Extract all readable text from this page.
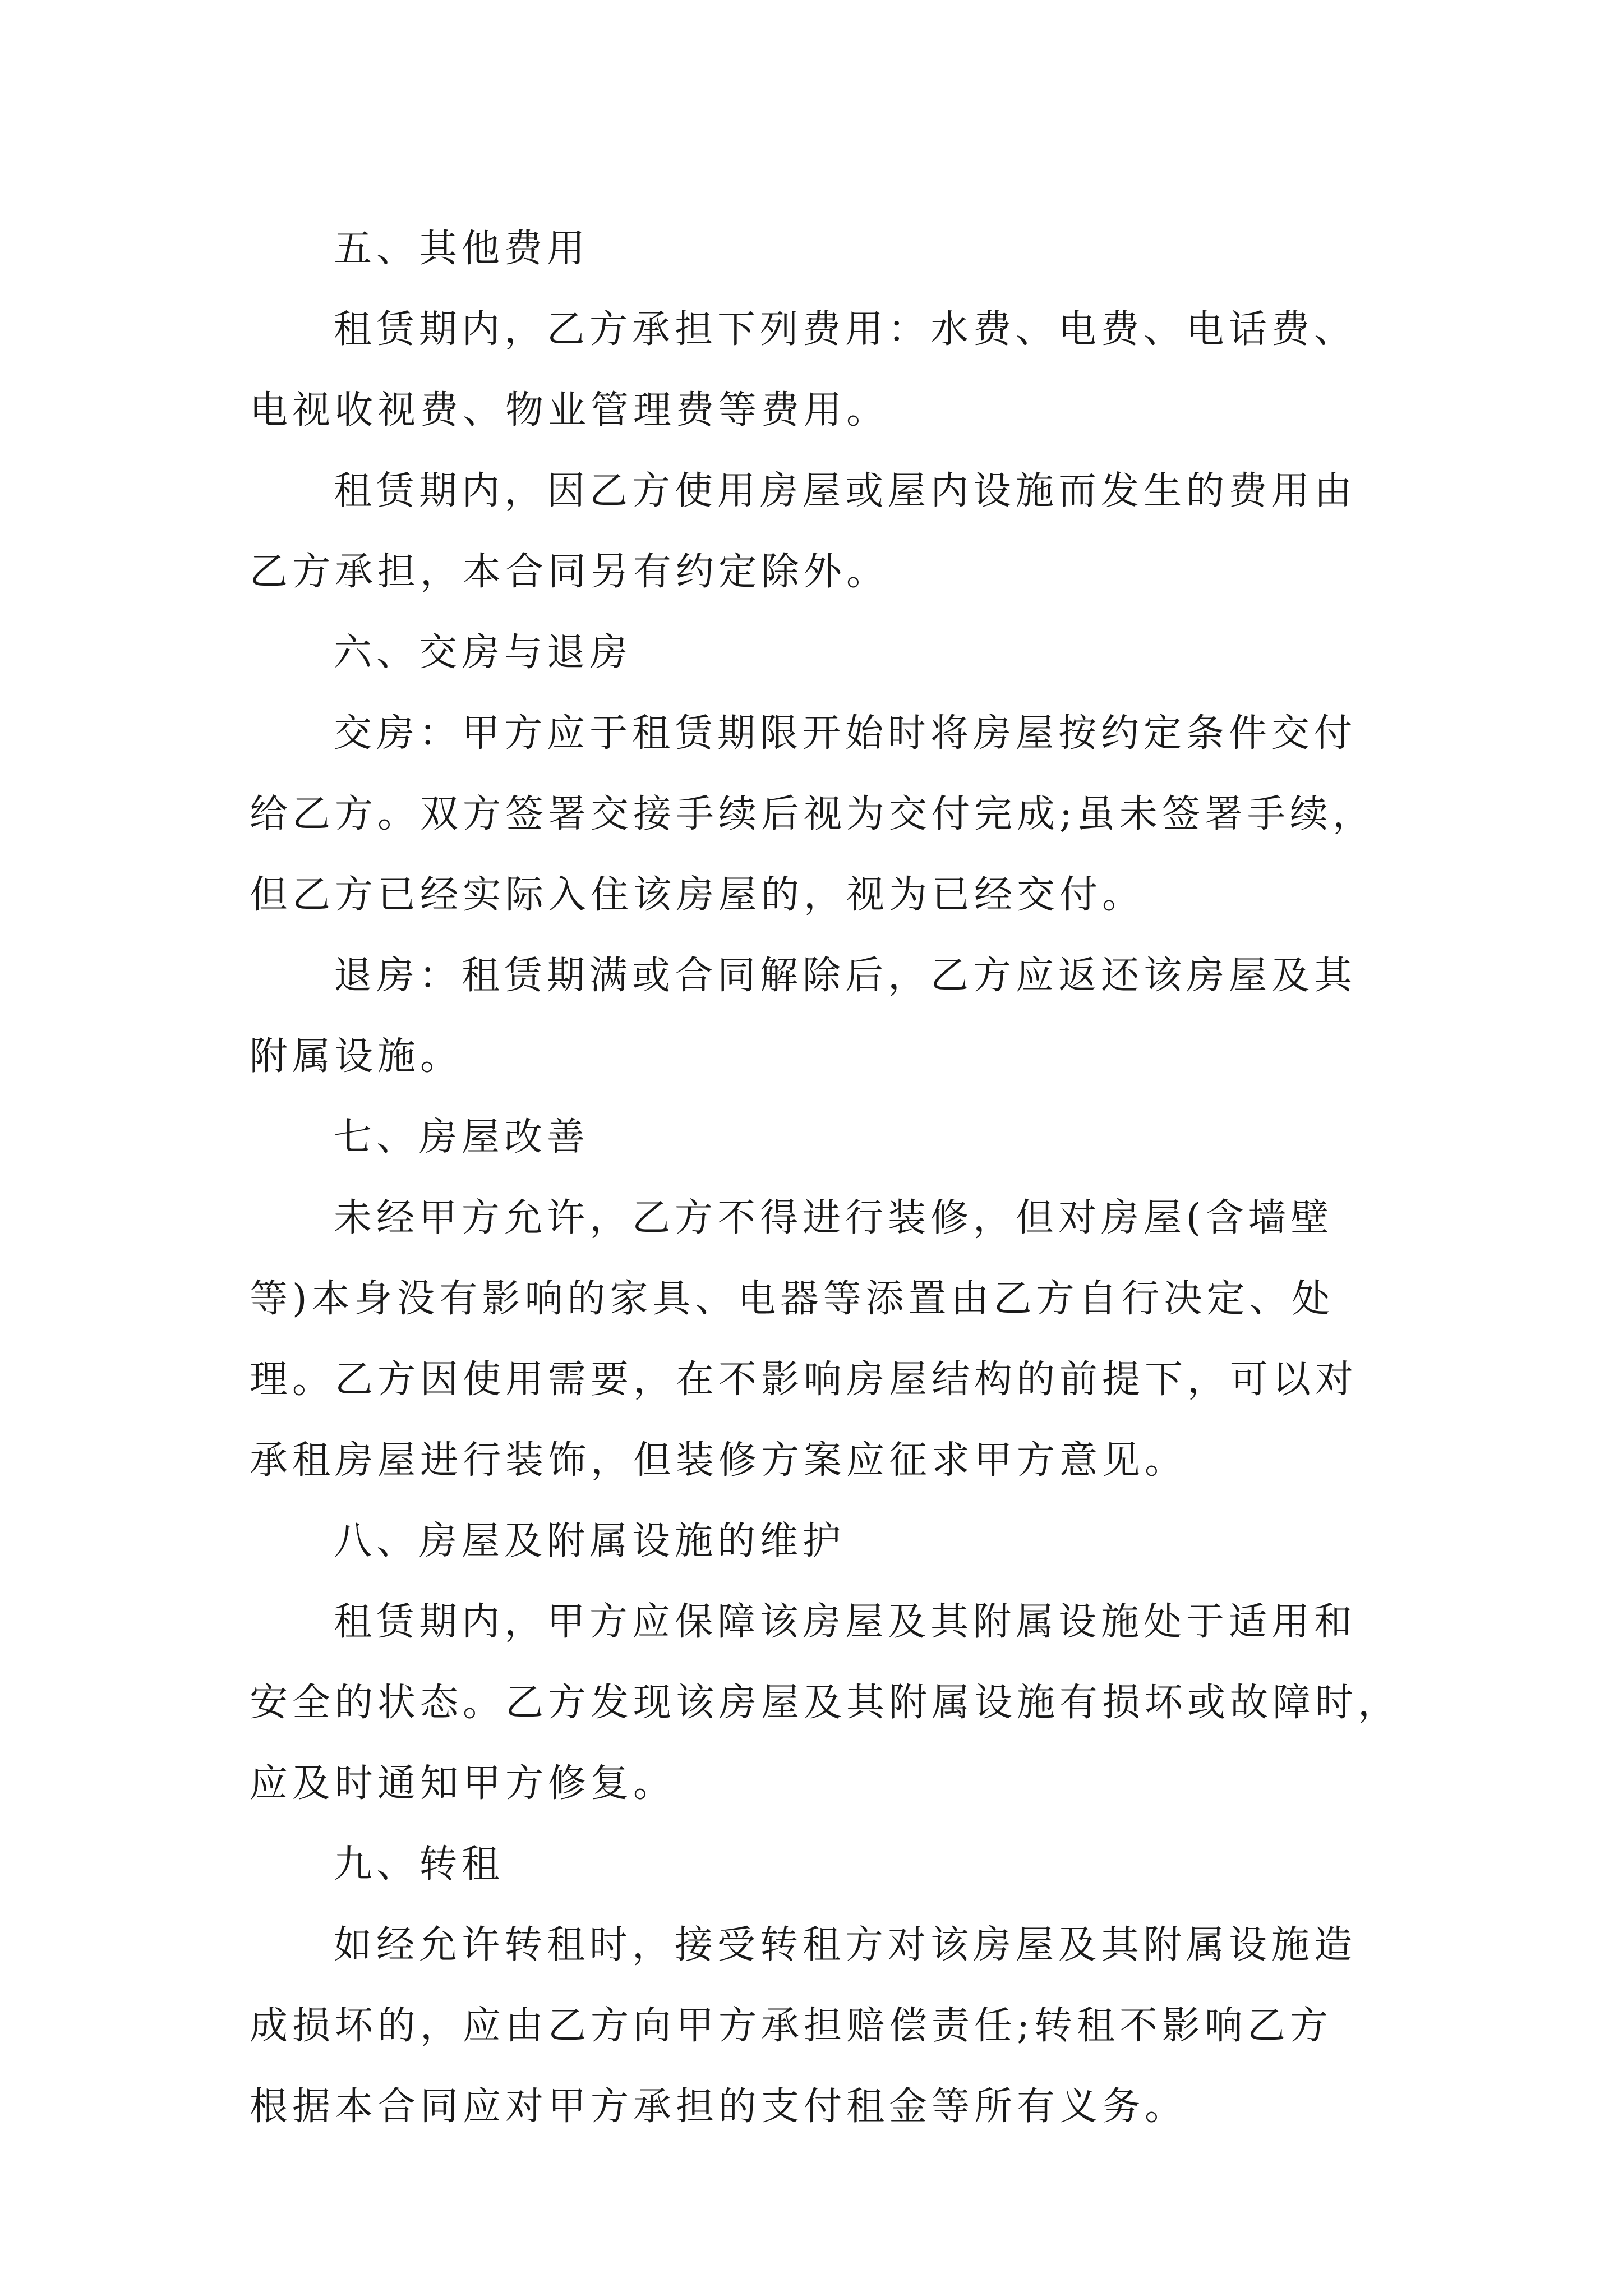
五、其他费用
租赁期内，乙方承担下列费用：水费、电费、电话费、
电视收视费、物业管理费等费用。
租赁期内，因乙方使用房屋或屋内设施而发生的费用由
乙方承担，本合同另有约定除外。
六、交房与退房
交房：甲方应于租赁期限开始时将房屋按约定条件交付
给乙方。双方签署交接手续后视为交付完成;虽未签署手续，
但乙方已经实际入住该房屋的，视为已经交付。
退房：租赁期满或合同解除后，乙方应返还该房屋及其
附属设施。
七、房屋改善
未经甲方允许，乙方不得进行装修，但对房屋(含墙壁
等)本身没有影响的家具、电器等添置由乙方自行决定、处
理。乙方因使用需要，在不影响房屋结构的前提下，可以对
承租房屋进行装饰，但装修方案应征求甲方意见。
八、房屋及附属设施的维护
租赁期内，甲方应保障该房屋及其附属设施处于适用和
安全的状态。乙方发现该房屋及其附属设施有损坏或故障时，
应及时通知甲方修复。
九、转租
如经允许转租时，接受转租方对该房屋及其附属设施造
成损坏的，应由乙方向甲方承担赔偿责任;转租不影响乙方
根据本合同应对甲方承担的支付租金等所有义务。
